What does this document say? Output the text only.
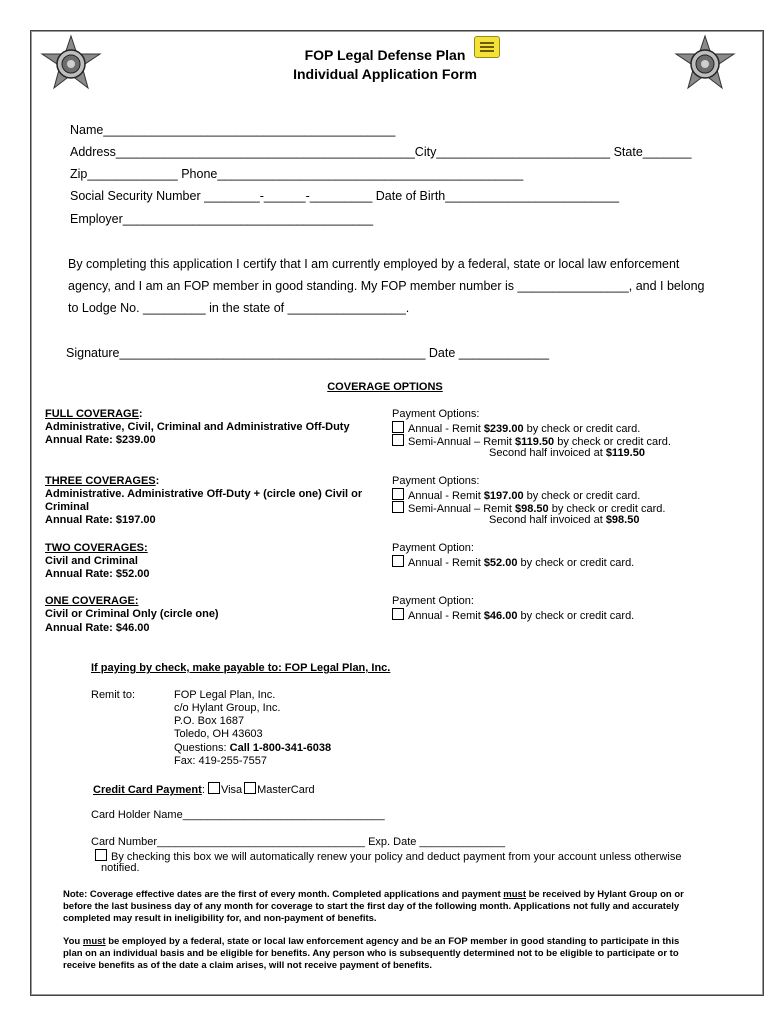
FOP Legal Defense Plan
Individual Application Form
Name__________________________________________
Address___________________________________________City_________________________ State_______
Zip_____________ Phone____________________________________________
Social Security Number ________-______-_________ Date of Birth_________________________
Employer____________________________________
By completing this application I certify that I am currently employed by a federal, state or local law enforcement
agency, and I am an FOP member in good standing. My FOP member number is ________________, and I belong
to Lodge No. _________ in the state of _________________.
Signature____________________________________________ Date _____________
COVERAGE OPTIONS
FULL COVERAGE:
Administrative, Civil, Criminal and Administrative Off-Duty
Annual Rate: $239.00
Payment Options:
Annual - Remit $239.00 by check or credit card.
Semi-Annual – Remit $119.50 by check or credit card.
Second half invoiced at $119.50
THREE COVERAGES:
Administrative. Administrative Off-Duty + (circle one) Civil or
Criminal
Annual Rate: $197.00
Payment Options:
Annual - Remit $197.00 by check or credit card.
Semi-Annual – Remit $98.50 by check or credit card.
Second half invoiced at $98.50
TWO COVERAGES:
Civil and Criminal
Annual Rate: $52.00
Payment Option:
Annual - Remit $52.00 by check or credit card.
ONE COVERAGE:
Civil or Criminal Only (circle one)
Annual Rate: $46.00
Payment Option:
Annual - Remit $46.00 by check or credit card.
If paying by check, make payable to: FOP Legal Plan, Inc.
Remit to:	FOP Legal Plan, Inc.
c/o Hylant Group, Inc.
P.O. Box 1687
Toledo, OH 43603
Questions: Call 1-800-341-6038
Fax: 419-255-7557
Credit Card Payment: Visa MasterCard
Card Holder Name_________________________________
Card Number__________________________________ Exp. Date ______________
By checking this box we will automatically renew your policy and deduct payment from your account unless otherwise
notified.
Note: Coverage effective dates are the first of every month. Completed applications and payment must be received by Hylant Group on or
before the last business day of any month for coverage to start the first day of the following month. Applications not fully and accurately
completed may result in ineligibility for, and non-payment of benefits.
You must be employed by a federal, state or local law enforcement agency and be an FOP member in good standing to participate in this
plan on an individual basis and be eligible for benefits. Any person who is subsequently determined not to be eligible to participate or to
receive benefits as of the date a claim arises, will not receive payment of benefits.
